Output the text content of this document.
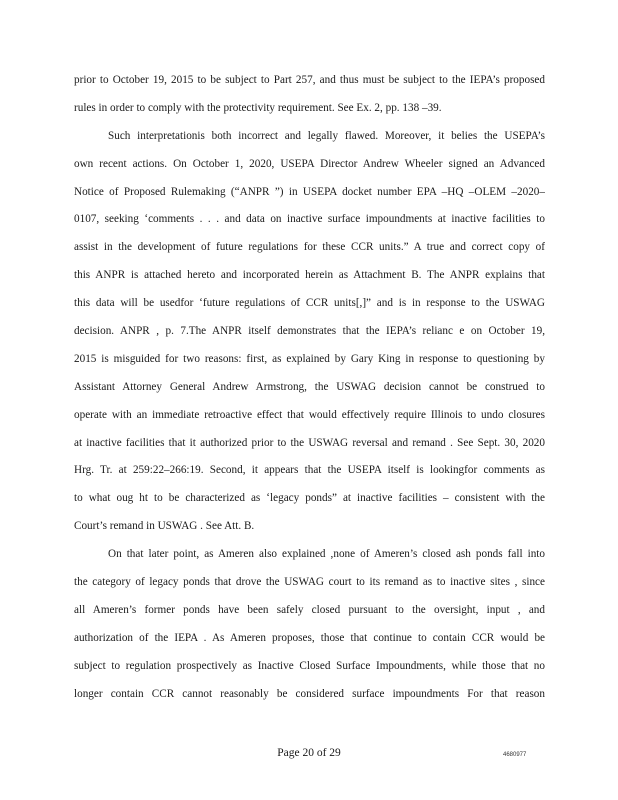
prior to October 19, 2015 to be subject to Part 257, and thus must be subject to the IEPA’s proposed
rules in order to comply with the protectivity requirement. See Ex. 2, pp. 138 –39.
Such interpretationis both incorrect and legally flawed. Moreover, it belies the USEPA’s
own recent actions. On October 1, 2020, USEPA Director Andrew Wheeler signed an Advanced
Notice of Proposed Rulemaking (“ANPR ”) in USEPA docket number EPA –HQ –OLEM –2020–
0107, seeking ‘comments . . . and data on inactive surface impoundments at inactive facilities to
assist in the development of future regulations for these CCR units.” A true and correct copy of
this ANPR is attached hereto and incorporated herein as Attachment B. The ANPR explains that
this data will be usedfor ‘future regulations of CCR units[,]” and is in response to the USWAG
decision. ANPR , p. 7.The ANPR itself demonstrates that the IEPA’s relianc e on October 19,
2015 is misguided for two reasons: first, as explained by Gary King in response to questioning by
Assistant Attorney General Andrew Armstrong, the USWAG decision cannot be construed to
operate with an immediate retroactive effect that would effectively require Illinois to undo closures
at inactive facilities that it authorized prior to the USWAG reversal and remand . See Sept. 30, 2020
Hrg. Tr. at 259:22–266:19. Second, it appears that the USEPA itself is lookingfor comments as
to what oug ht to be characterized as ‘legacy ponds” at inactive facilities – consistent with the
Court’s remand in USWAG . See Att. B.
On that later point, as Ameren also explained ,none of Ameren’s closed ash ponds fall into
the category of legacy ponds that drove the USWAG court to its remand as to inactive sites , since
all Ameren’s former ponds have been safely closed pursuant to the oversight, input , and
authorization of the IEPA . As Ameren proposes, those that continue to contain CCR would be
subject to regulation prospectively as Inactive Closed Surface Impoundments, while those that no
longer contain CCR cannot reasonably be considered surface impoundments For that reason
Page 20 of 29	4680977
